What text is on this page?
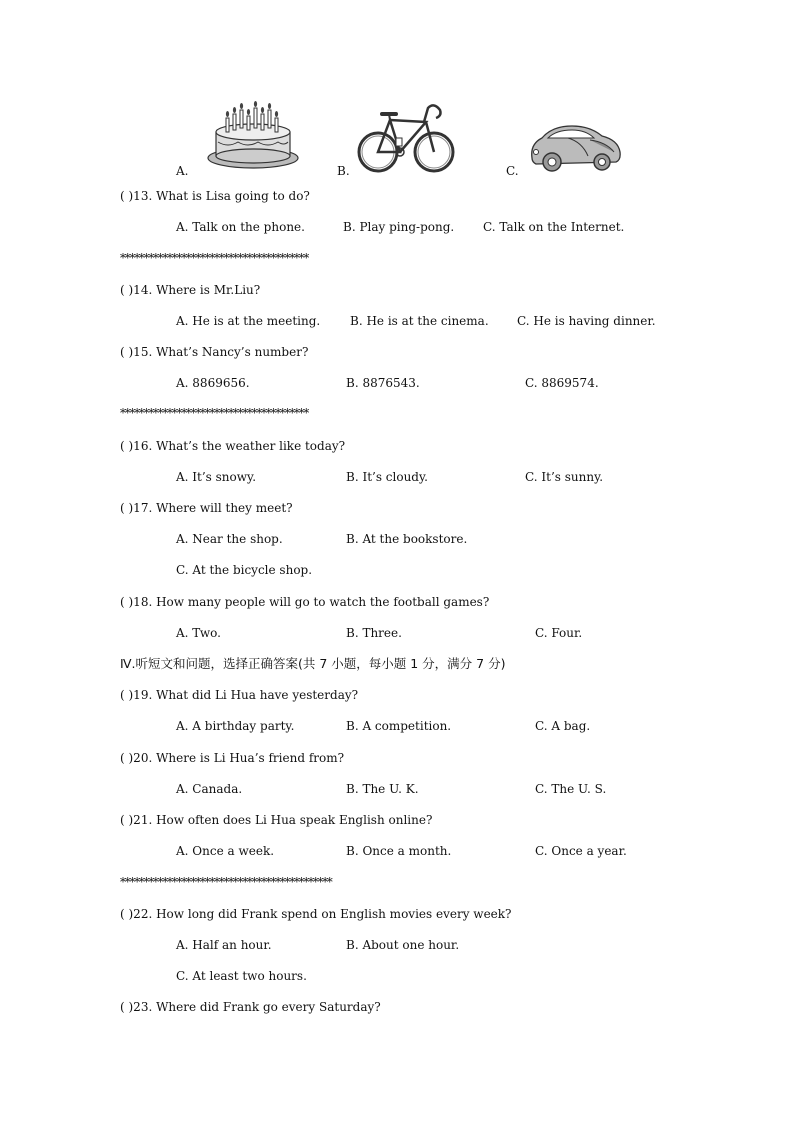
A.	B.	C.
( )13. What is Lisa going to do?
A. Talk on the phone.	B. Play ping-pong. C. Talk on the Internet.
****************************************
( )14. Where is Mr.Liu?
A. He is at the meeting. B. He is at the cinema. C. He is having dinner.
( )15. What’s Nancy’s number?
A. 8869656.	B. 8876543.	C. 8869574.
****************************************
( )16. What’s the weather like today?
A. It’s snowy.	B. It’s cloudy.	C. It’s sunny.
( )17. Where will they meet?
A. Near the shop.	B. At the bookstore.
C. At the bicycle shop.
( )18. How many people will go to watch the football games?
A. Two.	B. Three.	C. Four.
Ⅳ.听短文和问题，选择正确答案(共 7 小题，每小题 1 分，满分 7 分)
( )19. What did Li Hua have yesterday?
A. A birthday party.	B. A competition.	C. A bag.
( )20. Where is Li Hua’s friend from?
A. Canada.	B. The U. K.	C. The U. S.
( )21. How often does Li Hua speak English online?
A. Once a week.	B. Once a month.	C. Once a year.
*********************************************
( )22. How long did Frank spend on English movies every week?
A. Half an hour.	B. About one hour.
C. At least two hours.
( )23. Where did Frank go every Saturday?
